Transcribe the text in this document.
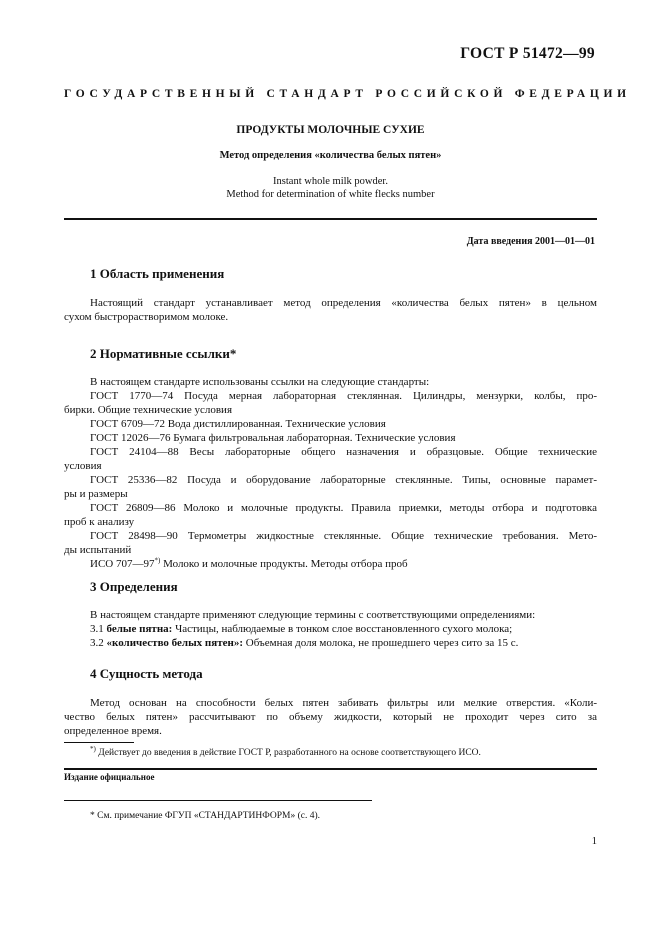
ГОСТ Р 51472—99
ГОСУДАРСТВЕННЫЙ СТАНДАРТ РОССИЙСКОЙ ФЕДЕРАЦИИ
ПРОДУКТЫ МОЛОЧНЫЕ СУХИЕ
Метод определения «количества белых пятен»
Instant whole milk powder.
Method for determination of white flecks number
Дата введения 2001—01—01
1 Область применения
Настоящий стандарт устанавливает метод определения «количества белых пятен» в цельном
сухом быстрорастворимом молоке.
2 Нормативные ссылки*
В настоящем стандарте использованы ссылки на следующие стандарты:
ГОСТ 1770—74 Посуда мерная лабораторная стеклянная. Цилиндры, мензурки, колбы, про-
бирки. Общие технические условия
ГОСТ 6709—72 Вода дистиллированная. Технические условия
ГОСТ 12026—76 Бумага фильтровальная лабораторная. Технические условия
ГОСТ 24104—88 Весы лабораторные общего назначения и образцовые. Общие технические
условия
ГОСТ 25336—82 Посуда и оборудование лабораторные стеклянные. Типы, основные парамет-
ры и размеры
ГОСТ 26809—86 Молоко и молочные продукты. Правила приемки, методы отбора и подготовка
проб к анализу
ГОСТ 28498—90 Термометры жидкостные стеклянные. Общие технические требования. Мето-
ды испытаний
ИСО 707—97*) Молоко и молочные продукты. Методы отбора проб
3 Определения
В настоящем стандарте применяют следующие термины с соответствующими определениями:
3.1 белые пятна: Частицы, наблюдаемые в тонком слое восстановленного сухого молока;
3.2 «количество белых пятен»: Объемная доля молока, не прошедшего через сито за 15 с.
4 Сущность метода
Метод основан на способности белых пятен забивать фильтры или мелкие отверстия. «Коли-
чество белых пятен» рассчитывают по объему жидкости, который не проходит через сито за
определенное время.
*) Действует до введения в действие ГОСТ Р, разработанного на основе соответствующего ИСО.
Издание официальное
* См. примечание ФГУП «СТАНДАРТИНФОРМ» (с. 4).
1
